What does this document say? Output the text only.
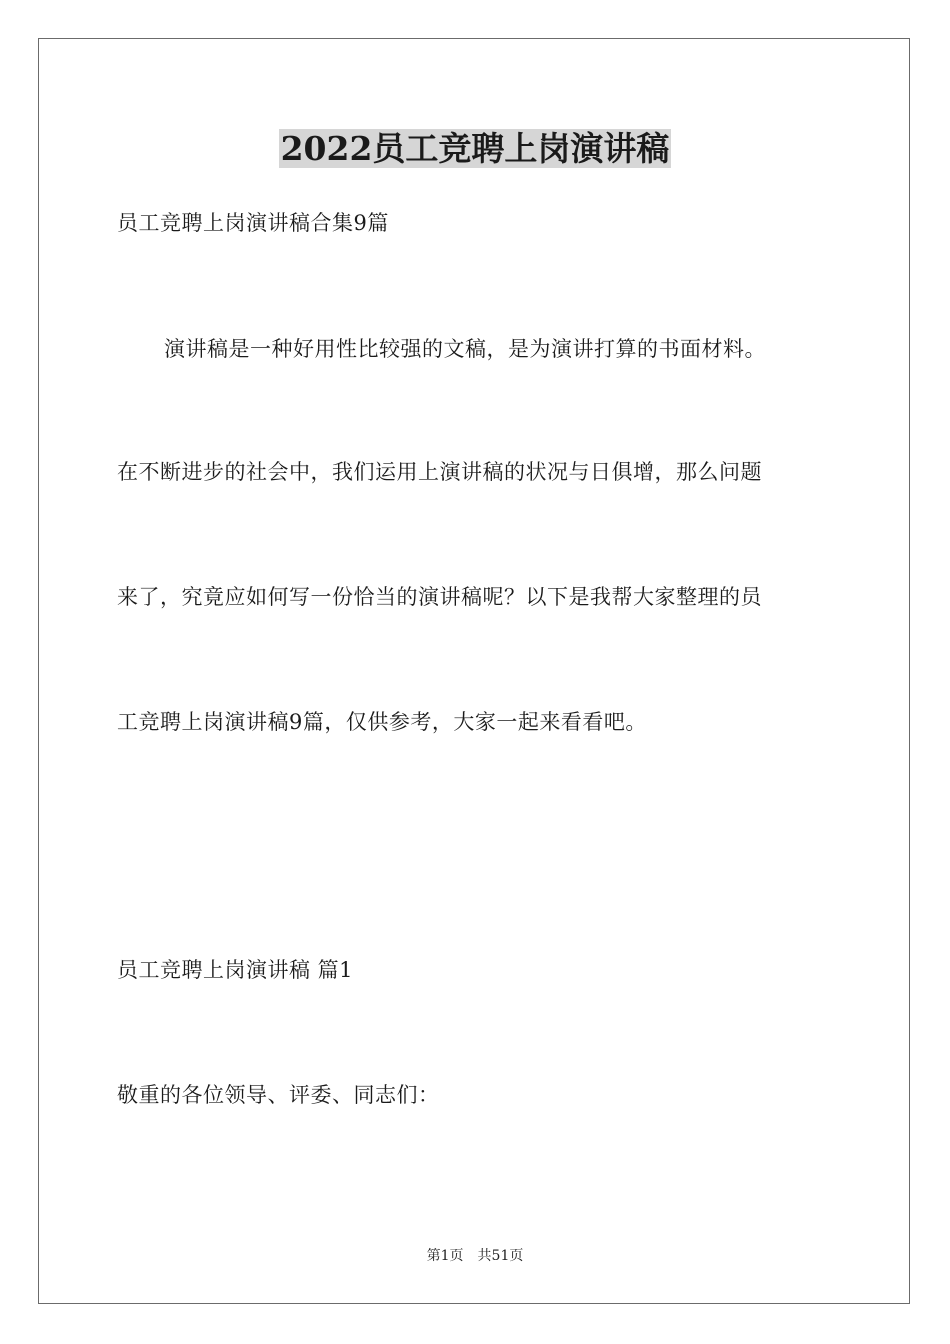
2022员工竞聘上岗演讲稿

员工竞聘上岗演讲稿合集9篇

演讲稿是一种好用性比较强的文稿，是为演讲打算的书面材料。

在不断进步的社会中，我们运用上演讲稿的状况与日俱增，那么问题

来了，究竟应如何写一份恰当的演讲稿呢？以下是我帮大家整理的员

工竞聘上岗演讲稿9篇，仅供参考，大家一起来看看吧。

员工竞聘上岗演讲稿 篇1

敬重的各位领导、评委、同志们：

第1页 共51页
